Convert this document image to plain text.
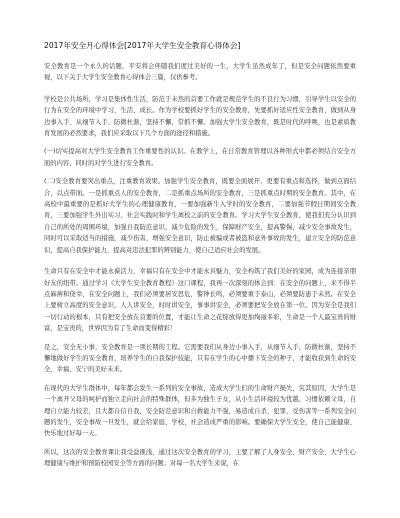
2017年安全月心得体会[2017年大学生安全教育心得体会]

安全教育是一个永久的话题，平安将会伴随我们度过美好的一生，大学生虽然成年了，但是安全问题依然要重视，以下关于大学生安全教育心得体会三篇，仅供参考。

学校是公共场所，学习是集体性生活，防范于未然的首要工作就是规范学生的不良行为习惯，引导学生以安全的行为在安全的环境中学习、生活、成长。作为学校要抓好学生的安全教育，先要抓好适应性安全教育，做到从身边事入手、从细节入手、防微杜渐，坚持不懈，常抓不懈。加强大学生安全教育，既是时代的呼唤，也是素质教育发展的必然要求，我们应采取以下几个方面的途径和措施。

(一)切实提高对大学生安全教育工作重要性的认识。在教学上，在日常教育管理以各种形式中都必须结合安全方面的内容，同时的对学生进行安全教育。

(二)安全教育要突出重点，注重教育效果。加强学生安全教育，既要全面展开，更要有重点和选择，做到点面结合，以点带面。一是抓重点人的安全教育，二是抓重点场所的安全教育，三是抓重点时期的安全教育。其中，在高校中最重要的是抓好大学生的心理健康教育，一要加强新生入学时的安全教育，二要加强节假日期间安全教育，三要加强学生外出实习、社会实践时和学生离校之前的安全教育。学习大学生安全教育，使我们充分认识到自己的所处的周围环境，加强自我防范意识，减少危险的发生，保障财产安全，提高警惕，减少安全事故发生，同时可以采取适当的措施，减少伤害，增强安全意识，防止被骗或者被盗和意外事故的发生，建立安全的防范意识，提高自我保护能力，提高对违法犯罪的辨别能力，使自己适应社会的发展。

生命只有在安全中才能永葆活力，幸福只有在安全中才能永具魅力，安全构筑了我们美好的家园，成为连接亲朋好友的纽带。通过学习《大学生安全教育教程》这门课程，我再一次深刻的体会到：在安全的问题上，来不得半点麻痹和侥幸，在安全问题上，我们必须要居安思危，警钟长鸣，必须要重于泰山，必须要防患于未然。在安全上要树立高度的安全意识，人人讲安全，时时讲安全，事事讲安全，必须要把安全放在第一位。因为安全是我们一切行动的根本，只有把安全放在首要的位置，才能让生命之花绽放得更加绚丽多彩，生命是一个人最宝贵的财富，是宝贵的，世界因为有了生命而变得精彩！

是之，安全无小事，安全教育是一项长期的工程。它需要我们从身边小事入手，从细节入手，防微杜渐，坚持不懈地做好学生的安全教育，培养学生的自我保护技能，只有在学生的心中播下安全的种子，才能收获到生命的安全，幸福、安宁的美好未来。

在现代的大学生群体中，每年都会发生一系列的安全事故，造成大学生们的生命财产损失，究其原因，大学生是一个离开父母的呵护而独立走向社会的特殊群体，但多为独生子女，从小生活环境较为优越，习惯依赖父母，自理自立能力较差，且大都自信自我，安全防范意识和自救能力不强，易造成自杀、犯罪、受伤害等一系列安全问题的发生，安全事故一旦发生，就会给家庭、学校、社会造成严重的影响。要确保大学生安全，使自己能健康、快乐地过好每一天。

所以，这次的安全教育课让我受益匪浅，通过这次安全教育的学习，主要了解了人身安全、财产安全、大学生心理健康与维护和预防校园安全等方面的问题；对每一名大学生来说，在
